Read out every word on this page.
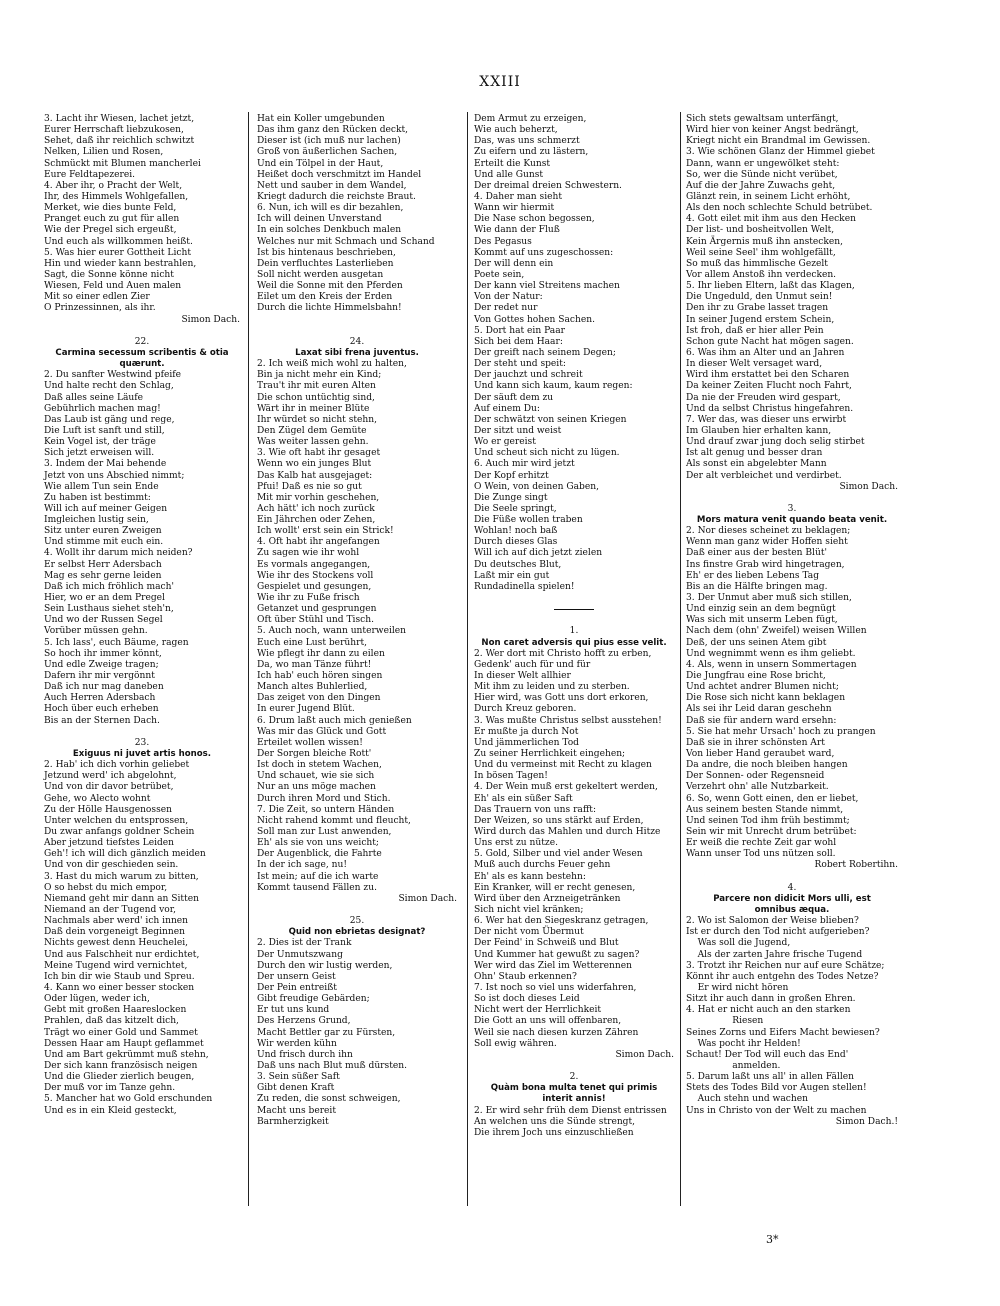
XXIII
3. Lacht ihr Wiesen, lachet jetzt,
Eurer Herrschaft liebzukosen,
Sehet, daß ihr reichlich schwitzt
Nelken, Lilien und Rosen,
Schmückt mit Blumen mancherlei
Eure Feldtapezerei.
4. Aber ihr, o Pracht der Welt,
Ihr, des Himmels Wohlgefallen,
Merket, wie dies bunte Feld,
Pranget euch zu gut für allen
Wie der Pregel sich ergeußt,
Und euch als willkommen heißt.
5. Was hier eurer Gottheit Licht
Hin und wieder kann bestrahlen,
Sagt, die Sonne könne nicht
Wiesen, Feld und Auen malen
Mit so einer edlen Zier
O Prinzessinnen, als ihr.
Simon Dach.
22.
Carmina secessum scribentis & otia
quærunt.
2. Du sanfter Westwind pfeife
Und halte recht den Schlag,
Daß alles seine Läufe
Gebührlich machen mag!
Das Laub ist gäng und rege,
Die Luft ist sanft und still,
Kein Vogel ist, der träge
Sich jetzt erweisen will.
3. Indem der Mai behende
Jetzt von uns Abschied nimmt;
Wie allem Tun sein Ende
Zu haben ist bestimmt:
Will ich auf meiner Geigen
Imgleichen lustig sein,
Sitz unter euren Zweigen
Und stimme mit euch ein.
4. Wollt ihr darum mich neiden?
Er selbst Herr Adersbach
Mag es sehr gerne leiden
Daß ich mich fröhlich mach'
Hier, wo er an dem Pregel
Sein Lusthaus siehet steh'n,
Und wo der Russen Segel
Vorüber müssen gehn.
5. Ich lass', euch Bäume, ragen
So hoch ihr immer könnt,
Und edle Zweige tragen;
Dafern ihr mir vergönnt
Daß ich nur mag daneben
Auch Herren Adersbach
Hoch über euch erheben
Bis an der Sternen Dach.
23.
Exiguus ni juvet artis honos.
2. Hab' ich dich vorhin geliebet
Jetzund werd' ich abgelohnt,
Und von dir davor betrübet,
Gehe, wo Alecto wohnt
Zu der Hölle Hausgenossen
Unter welchen du entsprossen,
Du zwar anfangs goldner Schein
Aber jetzund tiefstes Leiden
Geh'! ich will dich gänzlich meiden
Und von dir geschieden sein.
3. Hast du mich warum zu bitten,
O so hebst du mich empor,
Niemand geht mir dann an Sitten
Niemand an der Tugend vor,
Nachmals aber werd' ich innen
Daß dein vorgeneigt Beginnen
Nichts gewest denn Heuchelei,
Und aus Falschheit nur erdichtet,
Meine Tugend wird vernichtet,
Ich bin dir wie Staub und Spreu.
4. Kann wo einer besser stocken
Oder lügen, weder ich,
Gebt mit großen Haareslocken
Prahlen, daß das kitzelt dich,
Trägt wo einer Gold und Sammet
Dessen Haar am Haupt geflammet
Und am Bart gekrümmt muß stehn,
Der sich kann französisch neigen
Und die Glieder zierlich beugen,
Der muß vor im Tanze gehn.
5. Mancher hat wo Gold erschunden
Und es in ein Kleid gesteckt,
Hat ein Koller umgebunden
Das ihm ganz den Rücken deckt,
Dieser ist (ich muß nur lachen)
Groß von äußerlichen Sachen,
Und ein Tölpel in der Haut,
Heißet doch verschmitzt im Handel
Nett und sauber in dem Wandel,
Kriegt dadurch die reichste Braut.
6. Nun, ich will es dir bezahlen,
Ich will deinen Unverstand
In ein solches Denkbuch malen
Welches nur mit Schmach und Schand
Ist bis hintenaus beschrieben,
Dein verfluchtes Lasterlieben
Soll nicht werden ausgetan
Weil die Sonne mit den Pferden
Eilet um den Kreis der Erden
Durch die lichte Himmelsbahn!
24.
Laxat sibi frena juventus.
2. Ich weiß mich wohl zu halten,
Bin ja nicht mehr ein Kind;
Trau't ihr mit euren Alten
Die schon untüchtig sind,
Wärt ihr in meiner Blüte
Ihr würdet so nicht stehn,
Den Zügel dem Gemüte
Was weiter lassen gehn.
3. Wie oft habt ihr gesaget
Wenn wo ein junges Blut
Das Kalb hat ausgejaget:
Pfui! Daß es nie so gut
Mit mir vorhin geschehen,
Ach hätt' ich noch zurück
Ein Jährchen oder Zehen,
Ich wollt' erst sein ein Strick!
4. Oft habt ihr angefangen
Zu sagen wie ihr wohl
Es vormals angegangen,
Wie ihr des Stockens voll
Gespielet und gesungen,
Wie ihr zu Fuße frisch
Getanzet und gesprungen
Oft über Stühl und Tisch.
5. Auch noch, wann unterweilen
Euch eine Lust berührt,
Wie pflegt ihr dann zu eilen
Da, wo man Tänze führt!
Ich hab' euch hören singen
Manch altes Buhlerlied,
Das zeiget von den Dingen
In eurer Jugend Blüt.
6. Drum laßt auch mich genießen
Was mir das Glück und Gott
Erteilet wollen wissen!
Der Sorgen bleiche Rott'
Ist doch in stetem Wachen,
Und schauet, wie sie sich
Nur an uns möge machen
Durch ihren Mord und Stich.
7. Die Zeit, so untern Händen
Nicht rahend kommt und fleucht,
Soll man zur Lust anwenden,
Eh' als sie von uns weicht;
Der Augenblick, die Fahrte
In der ich sage, nu!
Ist mein; auf die ich warte
Kommt tausend Fällen zu.
Simon Dach.
25.
Quid non ebrietas designat?
2. Dies ist der Trank
Der Unmutszwang
Durch den wir lustig werden,
Der unsern Geist
Der Pein entreißt
Gibt freudige Gebärden;
Er tut uns kund
Des Herzens Grund,
Macht Bettler gar zu Fürsten,
Wir werden kühn
Und frisch durch ihn
Daß uns nach Blut muß dürsten.
3. Sein süßer Saft
Gibt denen Kraft
Zu reden, die sonst schweigen,
Macht uns bereit
Barmherzigkeit
Dem Armut zu erzeigen,
Wie auch beherzt,
Das, was uns schmerzt
Zu eifern und zu lästern,
Erteilt die Kunst
Und alle Gunst
Der dreimal dreien Schwestern.
4. Daher man sieht
Wann wir hiermit
Die Nase schon begossen,
Wie dann der Fluß
Des Pegasus
Kommt auf uns zugeschossen:
Der will denn ein
Poete sein,
Der kann viel Streitens machen
Von der Natur:
Der redet nur
Von Gottes hohen Sachen.
5. Dort hat ein Paar
Sich bei dem Haar:
Der greift nach seinem Degen;
Der steht und speit:
Der jauchzt und schreit
Und kann sich kaum, kaum regen:
Der säuft dem zu
Auf einem Du:
Der schwätzt von seinen Kriegen
Der sitzt und weist
Wo er gereist
Und scheut sich nicht zu lügen.
6. Auch mir wird jetzt
Der Kopf erhitzt
O Wein, von deinen Gaben,
Die Zunge singt
Die Seele springt,
Die Füße wollen traben
Wohlan! noch baß
Durch dieses Glas
Will ich auf dich jetzt zielen
Du deutsches Blut,
Laßt mir ein gut
Rundadinella spielen!
1.
Non caret adversis qui pius esse velit.
2. Wer dort mit Christo hofft zu erben,
Gedenk' auch für und für
In dieser Welt allhier
Mit ihm zu leiden und zu sterben.
Hier wird, was Gott uns dort erkoren,
Durch Kreuz geboren.
3. Was mußte Christus selbst ausstehen!
Er mußte ja durch Not
Und jämmerlichen Tod
Zu seiner Herrlichkeit eingehen;
Und du vermeinst mit Recht zu klagen
In bösen Tagen!
4. Der Wein muß erst gekeltert werden,
Eh' als ein süßer Saft
Das Trauern von uns rafft:
Der Weizen, so uns stärkt auf Erden,
Wird durch das Mahlen und durch Hitze
Uns erst zu nütze.
5. Gold, Silber und viel ander Wesen
Muß auch durchs Feuer gehn
Eh' als es kann bestehn:
Ein Kranker, will er recht genesen,
Wird über den Arzneigetränken
Sich nicht viel kränken;
6. Wer hat den Siegeskranz getragen,
Der nicht vom Übermut
Der Feind' in Schweiß und Blut
Und Kummer hat gewußt zu sagen?
Wer wird das Ziel im Wetterennen
Ohn' Staub erkennen?
7. Ist noch so viel uns widerfahren,
So ist doch dieses Leid
Nicht wert der Herrlichkeit
Die Gott an uns will offenbaren,
Weil sie nach diesen kurzen Zähren
Soll ewig währen.
Simon Dach.
2.
Quàm bona multa tenet qui primis
interit annis!
2. Er wird sehr früh dem Dienst entrissen
An welchen uns die Sünde strengt,
Die ihrem Joch uns einzuschließen
Sich stets gewaltsam unterfängt,
Wird hier von keiner Angst bedrängt,
Kriegt nicht ein Brandmal im Gewissen.
3. Wie schönen Glanz der Himmel giebet
Dann, wann er ungewölket steht:
So, wer die Sünde nicht verübet,
Auf die der Jahre Zuwachs geht,
Glänzt rein, in seinem Licht erhöht,
Als den noch schlechte Schuld betrübet.
4. Gott eilet mit ihm aus den Hecken
Der list- und bosheitvollen Welt,
Kein Ärgernis muß ihn anstecken,
Weil seine Seel' ihm wohlgefällt,
So muß das himmlische Gezelt
Vor allem Anstoß ihn verdecken.
5. Ihr lieben Eltern, laßt das Klagen,
Die Ungeduld, den Unmut sein!
Den ihr zu Grabe lasset tragen
In seiner Jugend erstem Schein,
Ist froh, daß er hier aller Pein
Schon gute Nacht hat mögen sagen.
6. Was ihm an Alter und an Jahren
In dieser Welt versaget ward,
Wird ihm erstattet bei den Scharen
Da keiner Zeiten Flucht noch Fahrt,
Da nie der Freuden wird gespart,
Und da selbst Christus hingefahren.
7. Wer das, was dieser uns erwirbt
Im Glauben hier erhalten kann,
Und drauf zwar jung doch selig stirbet
Ist alt genug und besser dran
Als sonst ein abgelebter Mann
Der alt verbleichet und verdirbet.
Simon Dach.
3.
Mors matura venit quando beata venit.
2. Nor dieses scheinet zu beklagen;
Wenn man ganz wider Hoffen sieht
Daß einer aus der besten Blüt'
Ins finstre Grab wird hingetragen,
Eh' er des lieben Lebens Tag
Bis an die Hälfte bringen mag.
3. Der Unmut aber muß sich stillen,
Und einzig sein an dem begnügt
Was sich mit unserm Leben fügt,
Nach dem (ohn' Zweifel) weisen Willen
Deß, der uns seinen Atem gibt
Und wegnimmt wenn es ihm geliebt.
4. Als, wenn in unsern Sommertagen
Die Jungfrau eine Rose bricht,
Und achtet andrer Blumen nicht;
Die Rose sich nicht kann beklagen
Als sei ihr Leid daran geschehn
Daß sie für andern ward ersehn:
5. Sie hat mehr Ursach' hoch zu prangen
Daß sie in ihrer schönsten Art
Von lieber Hand geraubet ward,
Da andre, die noch bleiben hangen
Der Sonnen- oder Regensneid
Verzehrt ohn' alle Nutzbarkeit.
6. So, wenn Gott einen, den er liebet,
Aus seinem besten Stande nimmt,
Und seinen Tod ihm früh bestimmt;
Sein wir mit Unrecht drum betrübet:
Er weiß die rechte Zeit gar wohl
Wann unser Tod uns nützen soll.
Robert Robertihn.
4.
Parcere non didicit Mors ulli, est
omnibus æqua.
2. Wo ist Salomon der Weise blieben?
Ist er durch den Tod nicht aufgerieben?
Was soll die Jugend,
Als der zarten Jahre frische Tugend
3. Trotzt ihr Reichen nur auf eure Schätze;
Könnt ihr auch entgehn des Todes Netze?
Er wird nicht hören
Sitzt ihr auch dann in großen Ehren.
4. Hat er nicht auch an den starken
Riesen
Seines Zorns und Eifers Macht bewiesen?
Was pocht ihr Helden!
Schaut! Der Tod will euch das End'
anmelden.
5. Darum laßt uns all' in allen Fällen
Stets des Todes Bild vor Augen stellen!
Auch stehn und wachen
Uns in Christo von der Welt zu machen
Simon Dach.!
3*
